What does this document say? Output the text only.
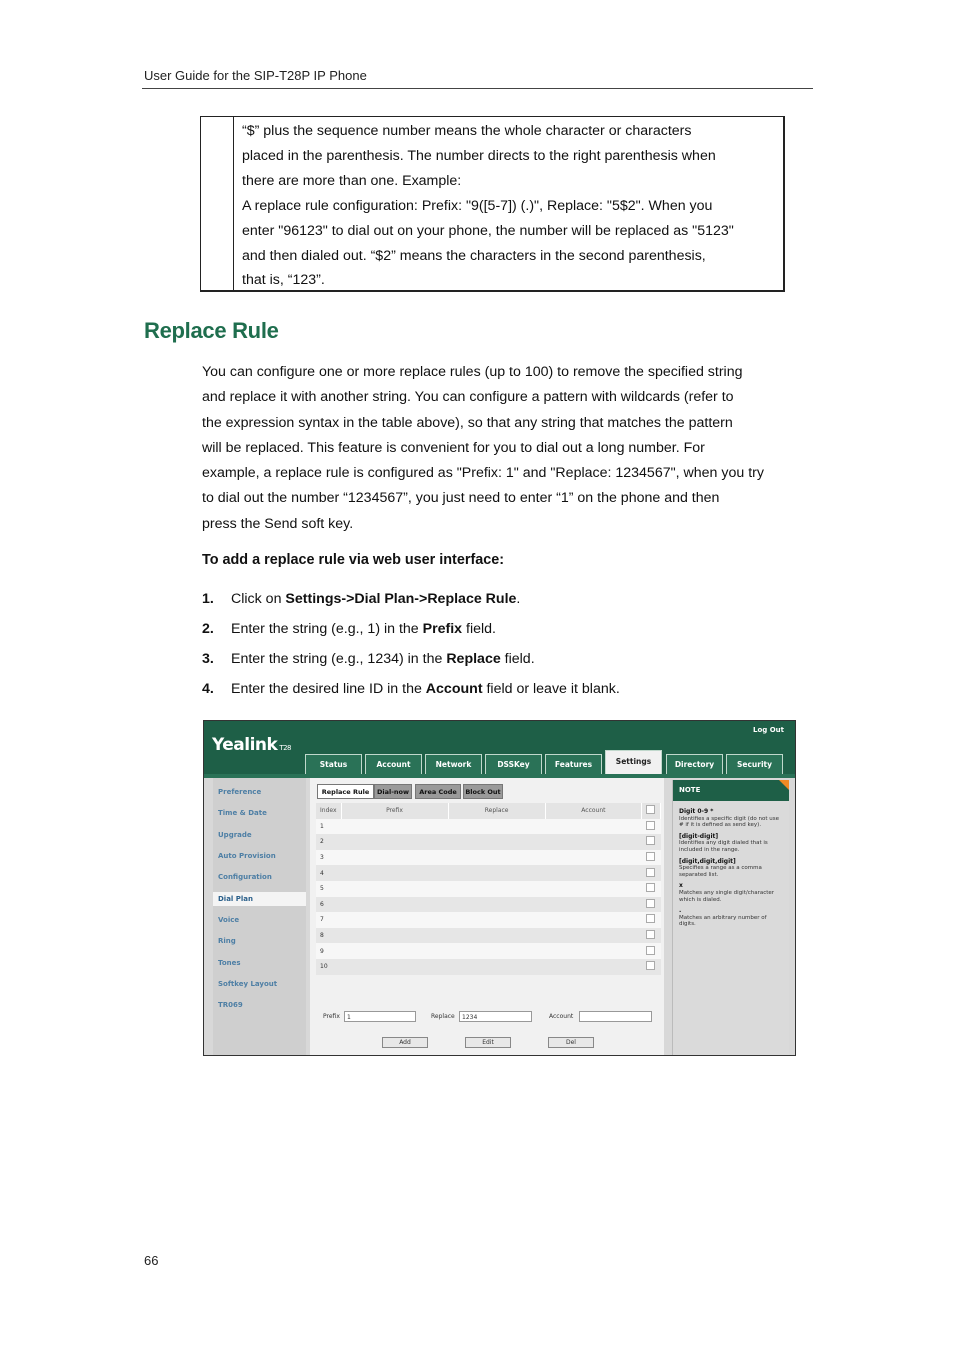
User Guide for the SIP-T28P IP Phone
“$” plus the sequence number means the whole character or characters
placed in the parenthesis. The number directs to the right parenthesis when
there are more than one. Example:
A replace rule configuration: Prefix: "9([5-7]) (.)", Replace: "5$2". When you
enter "96123" to dial out on your phone, the number will be replaced as "5123"
and then dialed out. “$2” means the characters in the second parenthesis,
that is, “123”.
Replace Rule
You can configure one or more replace rules (up to 100) to remove the specified string
and replace it with another string. You can configure a pattern with wildcards (refer to
the expression syntax in the table above), so that any string that matches the pattern
will be replaced. This feature is convenient for you to dial out a long number. For
example, a replace rule is configured as "Prefix: 1" and "Replace: 1234567", when you try
to dial out the number “1234567”, you just need to enter “1” on the phone and then
press the Send soft key.
To add a replace rule via web user interface:
1.	Click on Settings->Dial Plan->Replace Rule.
2.	Enter the string (e.g., 1) in the Prefix field.
3.	Enter the string (e.g., 1234) in the Replace field.
4.	Enter the desired line ID in the Account field or leave it blank.
Yealink T28
Log Out
Status	Account	Network	DSSKey	Features	Settings	Directory	Security
Preference
Time & Date
Upgrade
Auto Provision
Configuration
Dial Plan
Voice
Ring
Tones
Softkey Layout
TR069
Replace Rule	Dial-now	Area Code	Block Out
Index	Prefix	Replace	Account	
1				
2				
3				
4				
5				
6				
7				
8				
9				
10				
Prefix	1	Replace	1234	Account
Add	Edit	Del
NOTE
Digit 0-9 *
Identifies a specific digit (do not use # if it is defined as send key).
[digit-digit]
Identifies any digit dialed that is included in the range.
[digit,digit,digit]
Specifies a range as a comma separated list.
x
Matches any single digit/character which is dialed.
.
Matches an arbitrary number of digits.
66
